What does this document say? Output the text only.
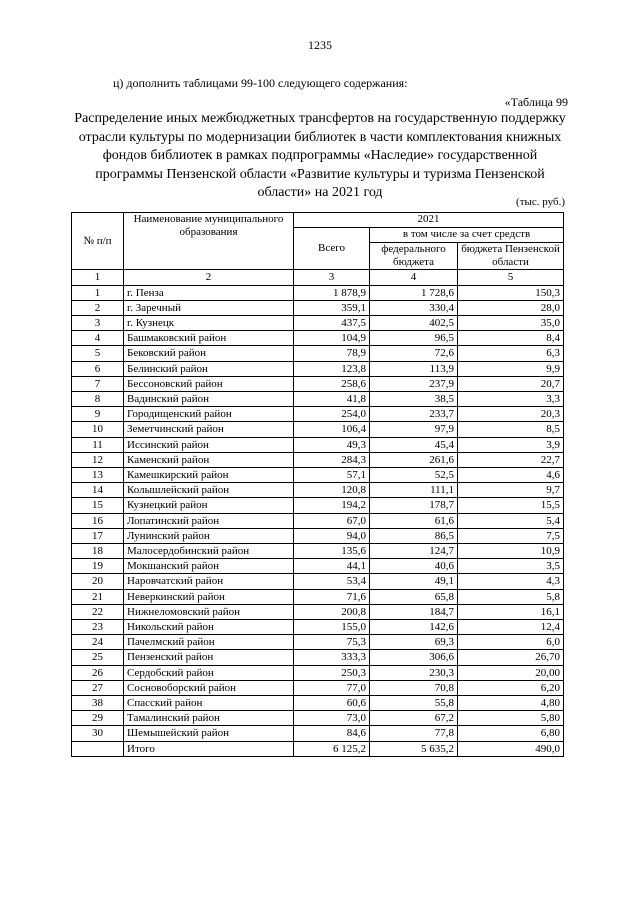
1235
ц) дополнить таблицами 99-100 следующего содержания:
«Таблица 99
Распределение иных межбюджетных трансфертов на государственную поддержку отрасли культуры по модернизации библиотек в части комплектования книжных фондов библиотек в рамках подпрограммы «Наследие» государственной программы Пензенской области «Развитие культуры и туризма Пензенской области» на 2021 год
(тыс. руб.)
№ п/п	Наименование муниципального образования	2021		
		Всего	в том числе за счет средств	
			федерального бюджета	бюджета Пензенской области
1	2	3	4	5
1	г. Пенза	1 878,9	1 728,6	150,3
2	г. Заречный	359,1	330,4	28,0
3	г. Кузнецк	437,5	402,5	35,0
4	Башмаковский район	104,9	96,5	8,4
5	Бековский район	78,9	72,6	6,3
6	Белинский район	123,8	113,9	9,9
7	Бессоновский район	258,6	237,9	20,7
8	Вадинский район	41,8	38,5	3,3
9	Городищенский район	254,0	233,7	20,3
10	Земетчинский район	106,4	97,9	8,5
11	Иссинский район	49,3	45,4	3,9
12	Каменский район	284,3	261,6	22,7
13	Камешкирский район	57,1	52,5	4,6
14	Колышлейский район	120,8	111,1	9,7
15	Кузнецкий район	194,2	178,7	15,5
16	Лопатинский район	67,0	61,6	5,4
17	Лунинский район	94,0	86,5	7,5
18	Малосердобинский район	135,6	124,7	10,9
19	Мокшанский район	44,1	40,6	3,5
20	Наровчатский район	53,4	49,1	4,3
21	Неверкинский район	71,6	65,8	5,8
22	Нижнеломовский район	200,8	184,7	16,1
23	Никольский район	155,0	142,6	12,4
24	Пачелмский район	75,3	69,3	6,0
25	Пензенский район	333,3	306,6	26,70
26	Сердобский район	250,3	230,3	20,00
27	Сосновоборский район	77,0	70,8	6,20
38	Спасский район	60,6	55,8	4,80
29	Тамалинский район	73,0	67,2	5,80
30	Шемышейский район	84,6	77,8	6,80
	Итого	6 125,2	5 635,2	490,0
